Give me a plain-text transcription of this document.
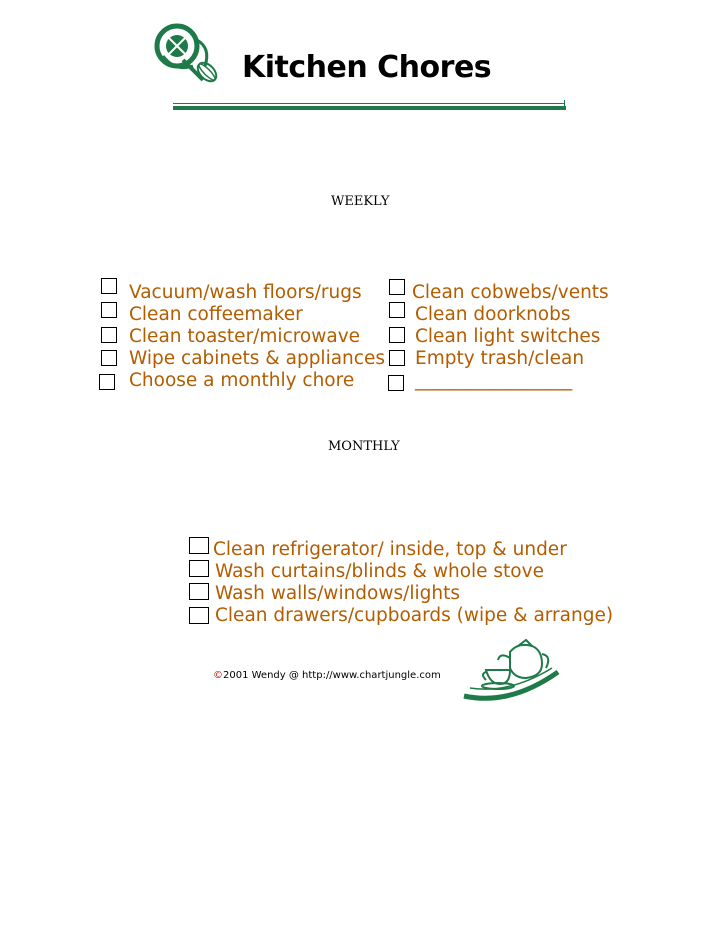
Kitchen Chores
WEEKLY
Vacuum/wash floors/rugs
Clean coffeemaker
Clean toaster/microwave
Wipe cabinets & appliances
Choose a monthly chore
Clean cobwebs/vents
Clean doorknobs
Clean light switches
Empty trash/clean
_________________
MONTHLY
Clean refrigerator/ inside, top & under
Wash curtains/blinds & whole stove
Wash walls/windows/lights
Clean drawers/cupboards (wipe & arrange)
©2001 Wendy @ http://www.chartjungle.com
